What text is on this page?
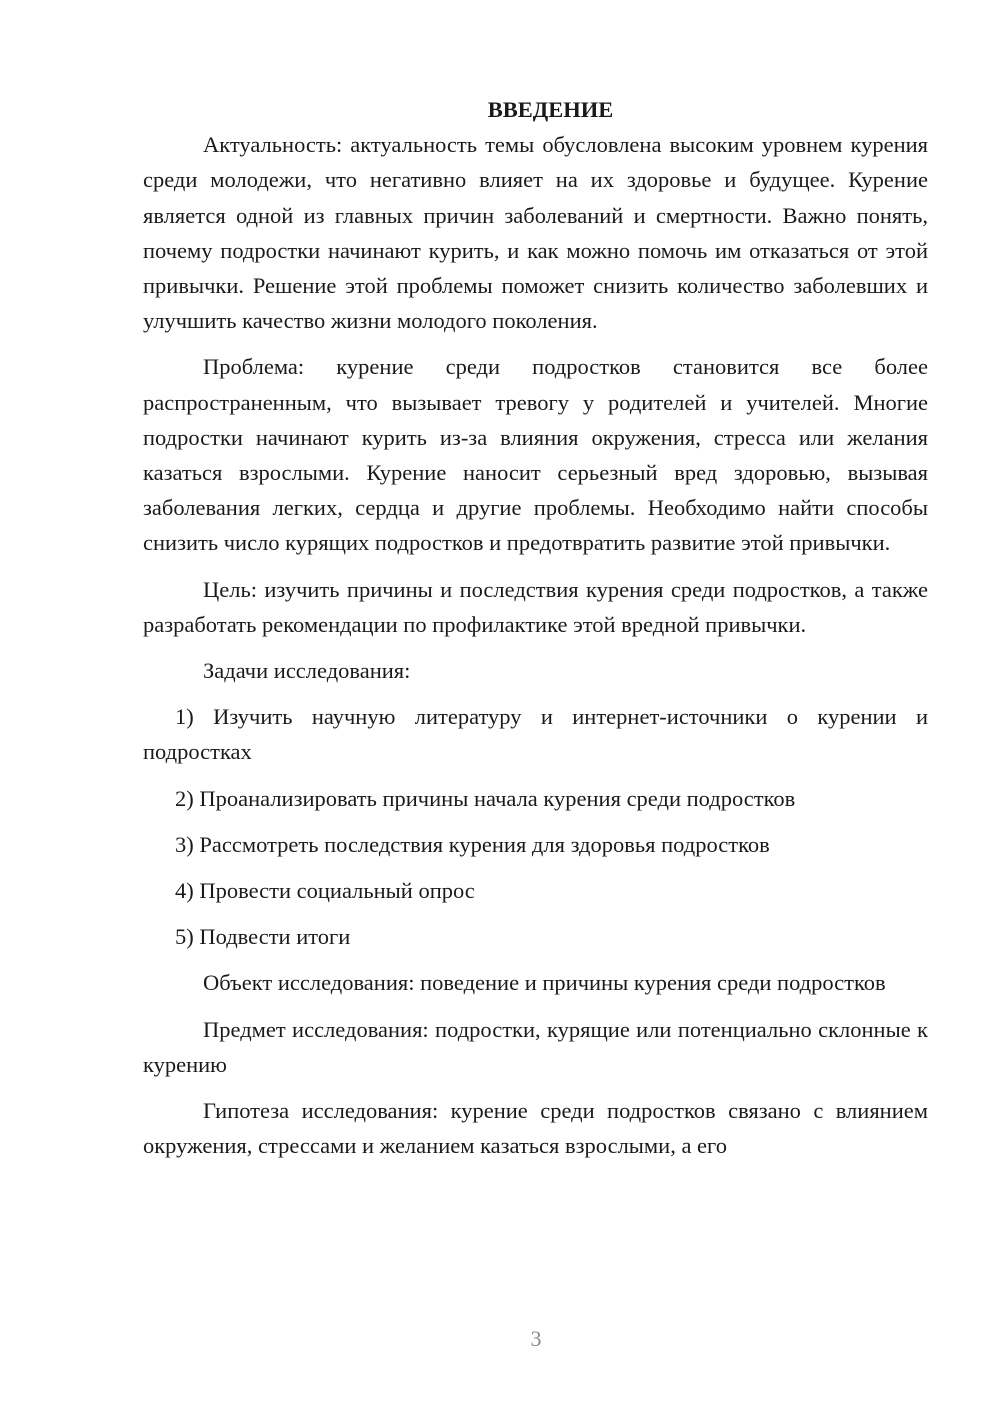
ВВЕДЕНИЕ

Актуальность: актуальность темы обусловлена высоким уровнем курения среди молодежи, что негативно влияет на их здоровье и будущее. Курение является одной из главных причин заболеваний и смертности. Важно понять, почему подростки начинают курить, и как можно помочь им отказаться от этой привычки. Решение этой проблемы поможет снизить количество заболевших и улучшить качество жизни молодого поколения.

Проблема: курение среди подростков становится все более распространенным, что вызывает тревогу у родителей и учителей. Многие подростки начинают курить из-за влияния окружения, стресса или желания казаться взрослыми. Курение наносит серьезный вред здоровью, вызывая заболевания легких, сердца и другие проблемы. Необходимо найти способы снизить число курящих подростков и предотвратить развитие этой привычки.

Цель: изучить причины и последствия курения среди подростков, а также разработать рекомендации по профилактике этой вредной привычки.

Задачи исследования:

1) Изучить научную литературу и интернет-источники о курении и подростках

2) Проанализировать причины начала курения среди подростков

3) Рассмотреть последствия курения для здоровья подростков

4) Провести социальный опрос

5) Подвести итоги

Объект исследования: поведение и причины курения среди подростков

Предмет исследования: подростки, курящие или потенциально склонные к курению

Гипотеза исследования: курение среди подростков связано с влиянием окружения, стрессами и желанием казаться взрослыми, а его

3
